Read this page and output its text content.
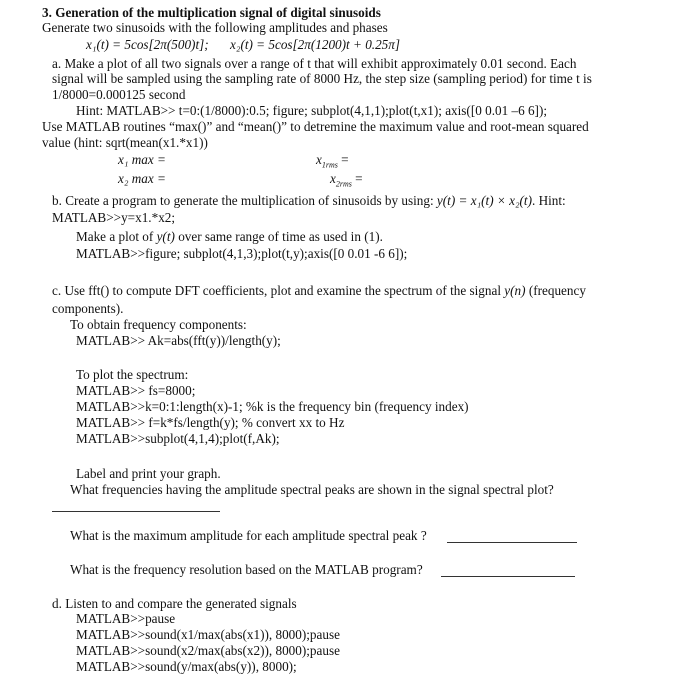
3. Generation of the multiplication signal of digital sinusoids
Generate two sinusoids with the following amplitudes and phases
x₁(t) = 5cos[2π(500)t]; x₂(t) = 5cos[2π(1200)t + 0.25π]
a. Make a plot of all two signals over a range of t that will exhibit approximately 0.01 second. Each
signal will be sampled using the sampling rate of 8000 Hz, the step size (sampling period) for time t is
1/8000=0.000125 second
Hint: MATLAB>> t=0:(1/8000):0.5; figure; subplot(4,1,1);plot(t,x1); axis([0 0.01 –6 6]);
Use MATLAB routines “max()” and “mean()” to detremine the maximum value and root-mean squared
value (hint: sqrt(mean(x1.*x1))
x₁ max =	$x_{1rms}$ =
x₂ max =	$x_{2rms}$ =
b. Create a program to generate the multiplication of sinusoids by using: y(t) = x₁(t) × x₂(t). Hint:
MATLAB>>y=x1.*x2;
Make a plot of y(t) over same range of time as used in (1).
MATLAB>>figure; subplot(4,1,3);plot(t,y);axis([0 0.01 -6 6]);
c. Use fft() to compute DFT coefficients, plot and examine the spectrum of the signal y(n) (frequency
components).
To obtain frequency components:
MATLAB>> Ak=abs(fft(y))/length(y);
To plot the spectrum:
MATLAB>> fs=8000;
MATLAB>>k=0:1:length(x)-1; %k is the frequency bin (frequency index)
MATLAB>> f=k*fs/length(y); % convert xx to Hz
MATLAB>>subplot(4,1,4);plot(f,Ak);
Label and print your graph.
What frequencies having the amplitude spectral peaks are shown in the signal spectral plot?
What is the maximum amplitude for each amplitude spectral peak ?
What is the frequency resolution based on the MATLAB program?
d. Listen to and compare the generated signals
MATLAB>>pause
MATLAB>>sound(x1/max(abs(x1)), 8000);pause
MATLAB>>sound(x2/max(abs(x2)), 8000);pause
MATLAB>>sound(y/max(abs(y)), 8000);
